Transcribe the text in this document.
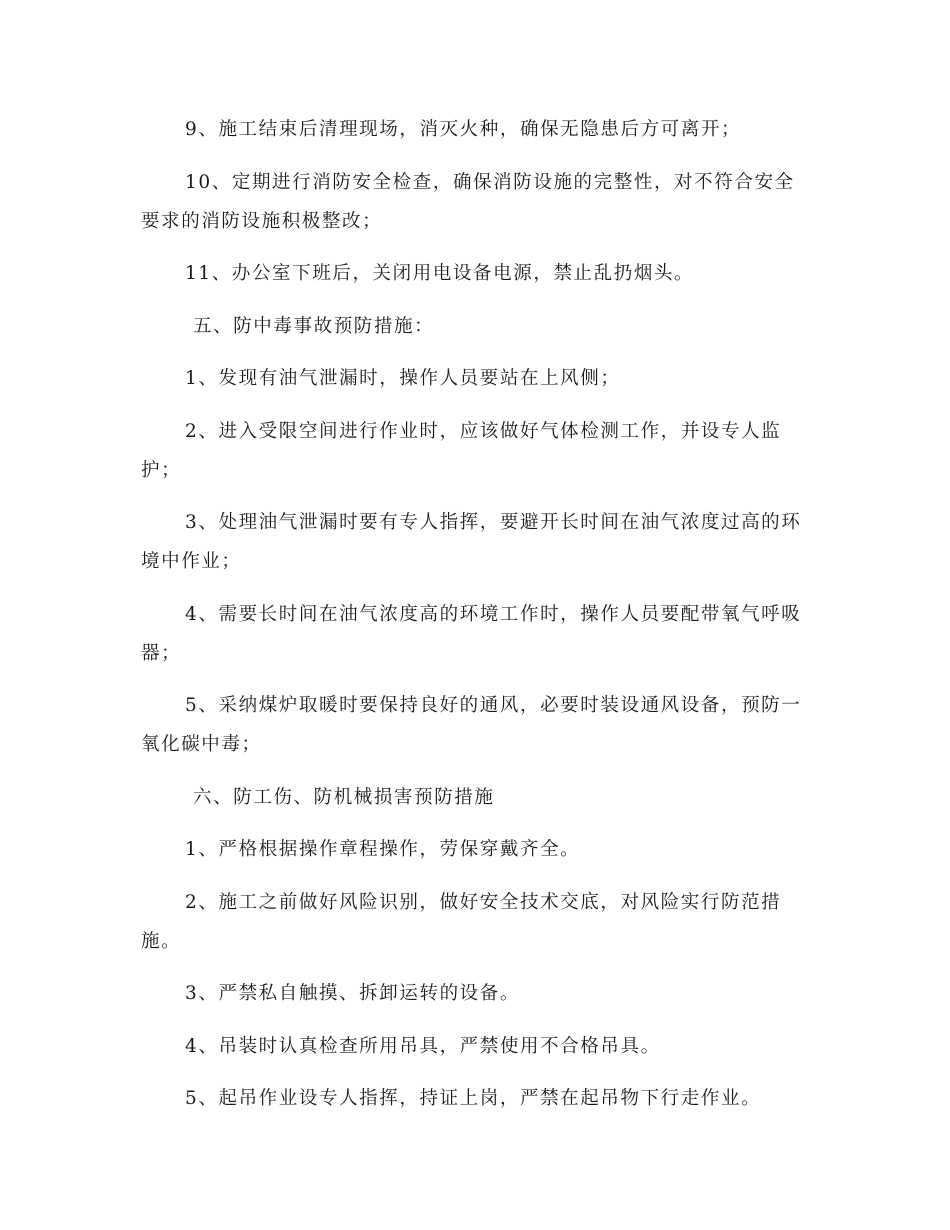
9、施工结束后清理现场，消灭火种，确保无隐患后方可离开；

10、定期进行消防安全检查，确保消防设施的完整性，对不符合安全要求的消防设施积极整改；

11、办公室下班后，关闭用电设备电源，禁止乱扔烟头。

五、防中毒事故预防措施：

1、发现有油气泄漏时，操作人员要站在上风侧；

2、进入受限空间进行作业时，应该做好气体检测工作，并设专人监护；

3、处理油气泄漏时要有专人指挥，要避开长时间在油气浓度过高的环境中作业；

4、需要长时间在油气浓度高的环境工作时，操作人员要配带氧气呼吸器；

5、采纳煤炉取暖时要保持良好的通风，必要时装设通风设备，预防一氧化碳中毒；

六、防工伤、防机械损害预防措施

1、严格根据操作章程操作，劳保穿戴齐全。

2、施工之前做好风险识别，做好安全技术交底，对风险实行防范措施。

3、严禁私自触摸、拆卸运转的设备。

4、吊装时认真检查所用吊具，严禁使用不合格吊具。

5、起吊作业设专人指挥，持证上岗，严禁在起吊物下行走作业。
